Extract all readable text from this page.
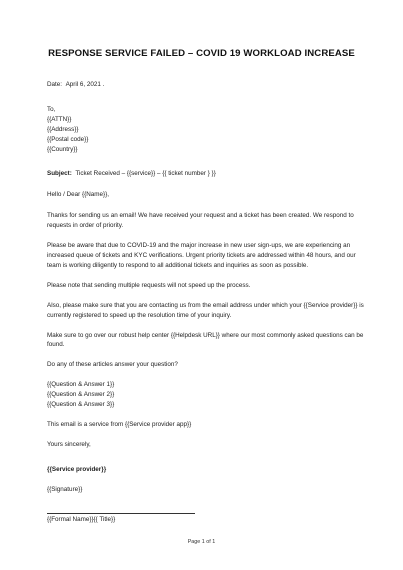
RESPONSE SERVICE FAILED – COVID 19 WORKLOAD INCREASE

Date: April 6, 2021 .

To,

{{ATTN}}

{{Address}}

{{Postal code}}

{{Country}}

Subject: Ticket Received – {{service}} – {{ ticket number } }}

Hello / Dear {{Name}},

Thanks for sending us an email! We have received your request and a ticket has been created. We respond to requests in order of priority.

Please be aware that due to COVID-19 and the major increase in new user sign-ups, we are experiencing an increased queue of tickets and KYC verifications. Urgent priority tickets are addressed within 48 hours, and our team is working diligently to respond to all additional tickets and inquiries as soon as possible.

Please note that sending multiple requests will not speed up the process.

Also, please make sure that you are contacting us from the email address under which your {{Service provider}} is currently registered to speed up the resolution time of your inquiry.

Make sure to go over our robust help center {{Helpdesk URL}} where our most commonly asked questions can be found.

Do any of these articles answer your question?

{{Question & Answer 1}}

{{Question & Answer 2}}

{{Question & Answer 3}}

This email is a service from {{Service provider app}}

Yours sincerely,

{{Service provider}}

{{Signature}}

{{Formal Name}}{{ Title}}

Page 1 of 1
